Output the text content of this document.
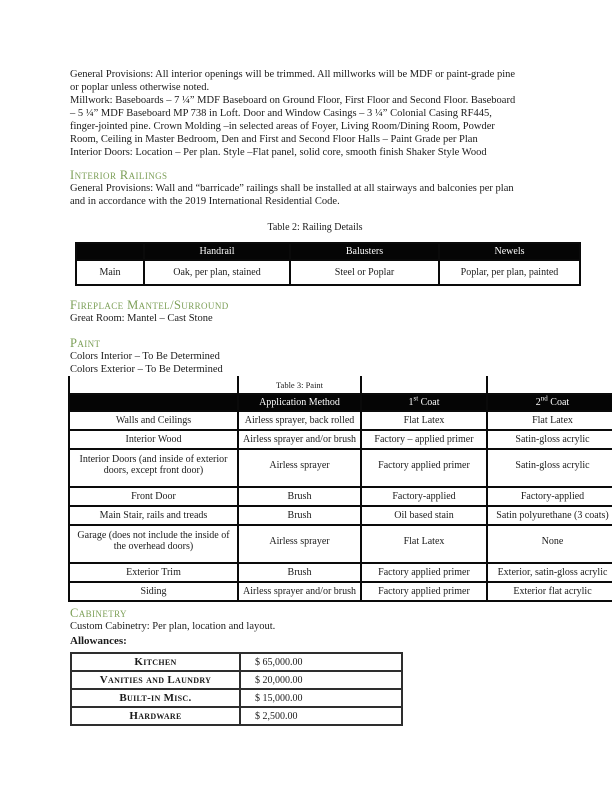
General Provisions: All interior openings will be trimmed. All millworks will be MDF or paint-grade pine
or poplar unless otherwise noted.
Millwork: Baseboards – 7 ¼” MDF Baseboard on Ground Floor, First Floor and Second Floor. Baseboard
– 5 ¼” MDF Baseboard MP 738 in Loft. Door and Window Casings – 3 ¼” Colonial Casing RF445,
finger-jointed pine. Crown Molding –in selected areas of Foyer, Living Room/Dining Room, Powder
Room, Ceiling in Master Bedroom, Den and First and Second Floor Halls – Paint Grade per Plan
Interior Doors: Location – Per plan. Style –Flat panel, solid core, smooth finish Shaker Style Wood
Interior Railings
General Provisions: Wall and “barricade” railings shall be installed at all stairways and balconies per plan
and in accordance with the 2019 International Residential Code.
Table 2: Railing Details
	Handrail	Balusters	Newels
Main	Oak, per plan, stained	Steel or Poplar	Poplar, per plan, painted
Fireplace Mantel/Surround
Great Room: Mantel – Cast Stone
Paint
Colors Interior – To Be Determined
Colors Exterior – To Be Determined
	Table 3: Paint		
	Application Method	1st Coat	2nd Coat
Walls and Ceilings	Airless sprayer, back rolled	Flat Latex	Flat Latex
Interior Wood	Airless sprayer and/or brush	Factory – applied primer	Satin-gloss acrylic
Interior Doors (and inside of exterior doors, except front door)	Airless sprayer	Factory applied primer	Satin-gloss acrylic
Front Door	Brush	Factory-applied	Factory-applied
Main Stair, rails and treads	Brush	Oil based stain	Satin polyurethane (3 coats)
Garage (does not include the inside of the overhead doors)	Airless sprayer	Flat Latex	None
Exterior Trim	Brush	Factory applied primer	Exterior, satin-gloss acrylic
Siding	Airless sprayer and/or brush	Factory applied primer	Exterior flat acrylic
Cabinetry
Custom Cabinetry: Per plan, location and layout.
Allowances:
Kitchen	$ 65,000.00
Vanities and Laundry	$ 20,000.00
Built-in Misc.	$ 15,000.00
Hardware	$ 2,500.00
